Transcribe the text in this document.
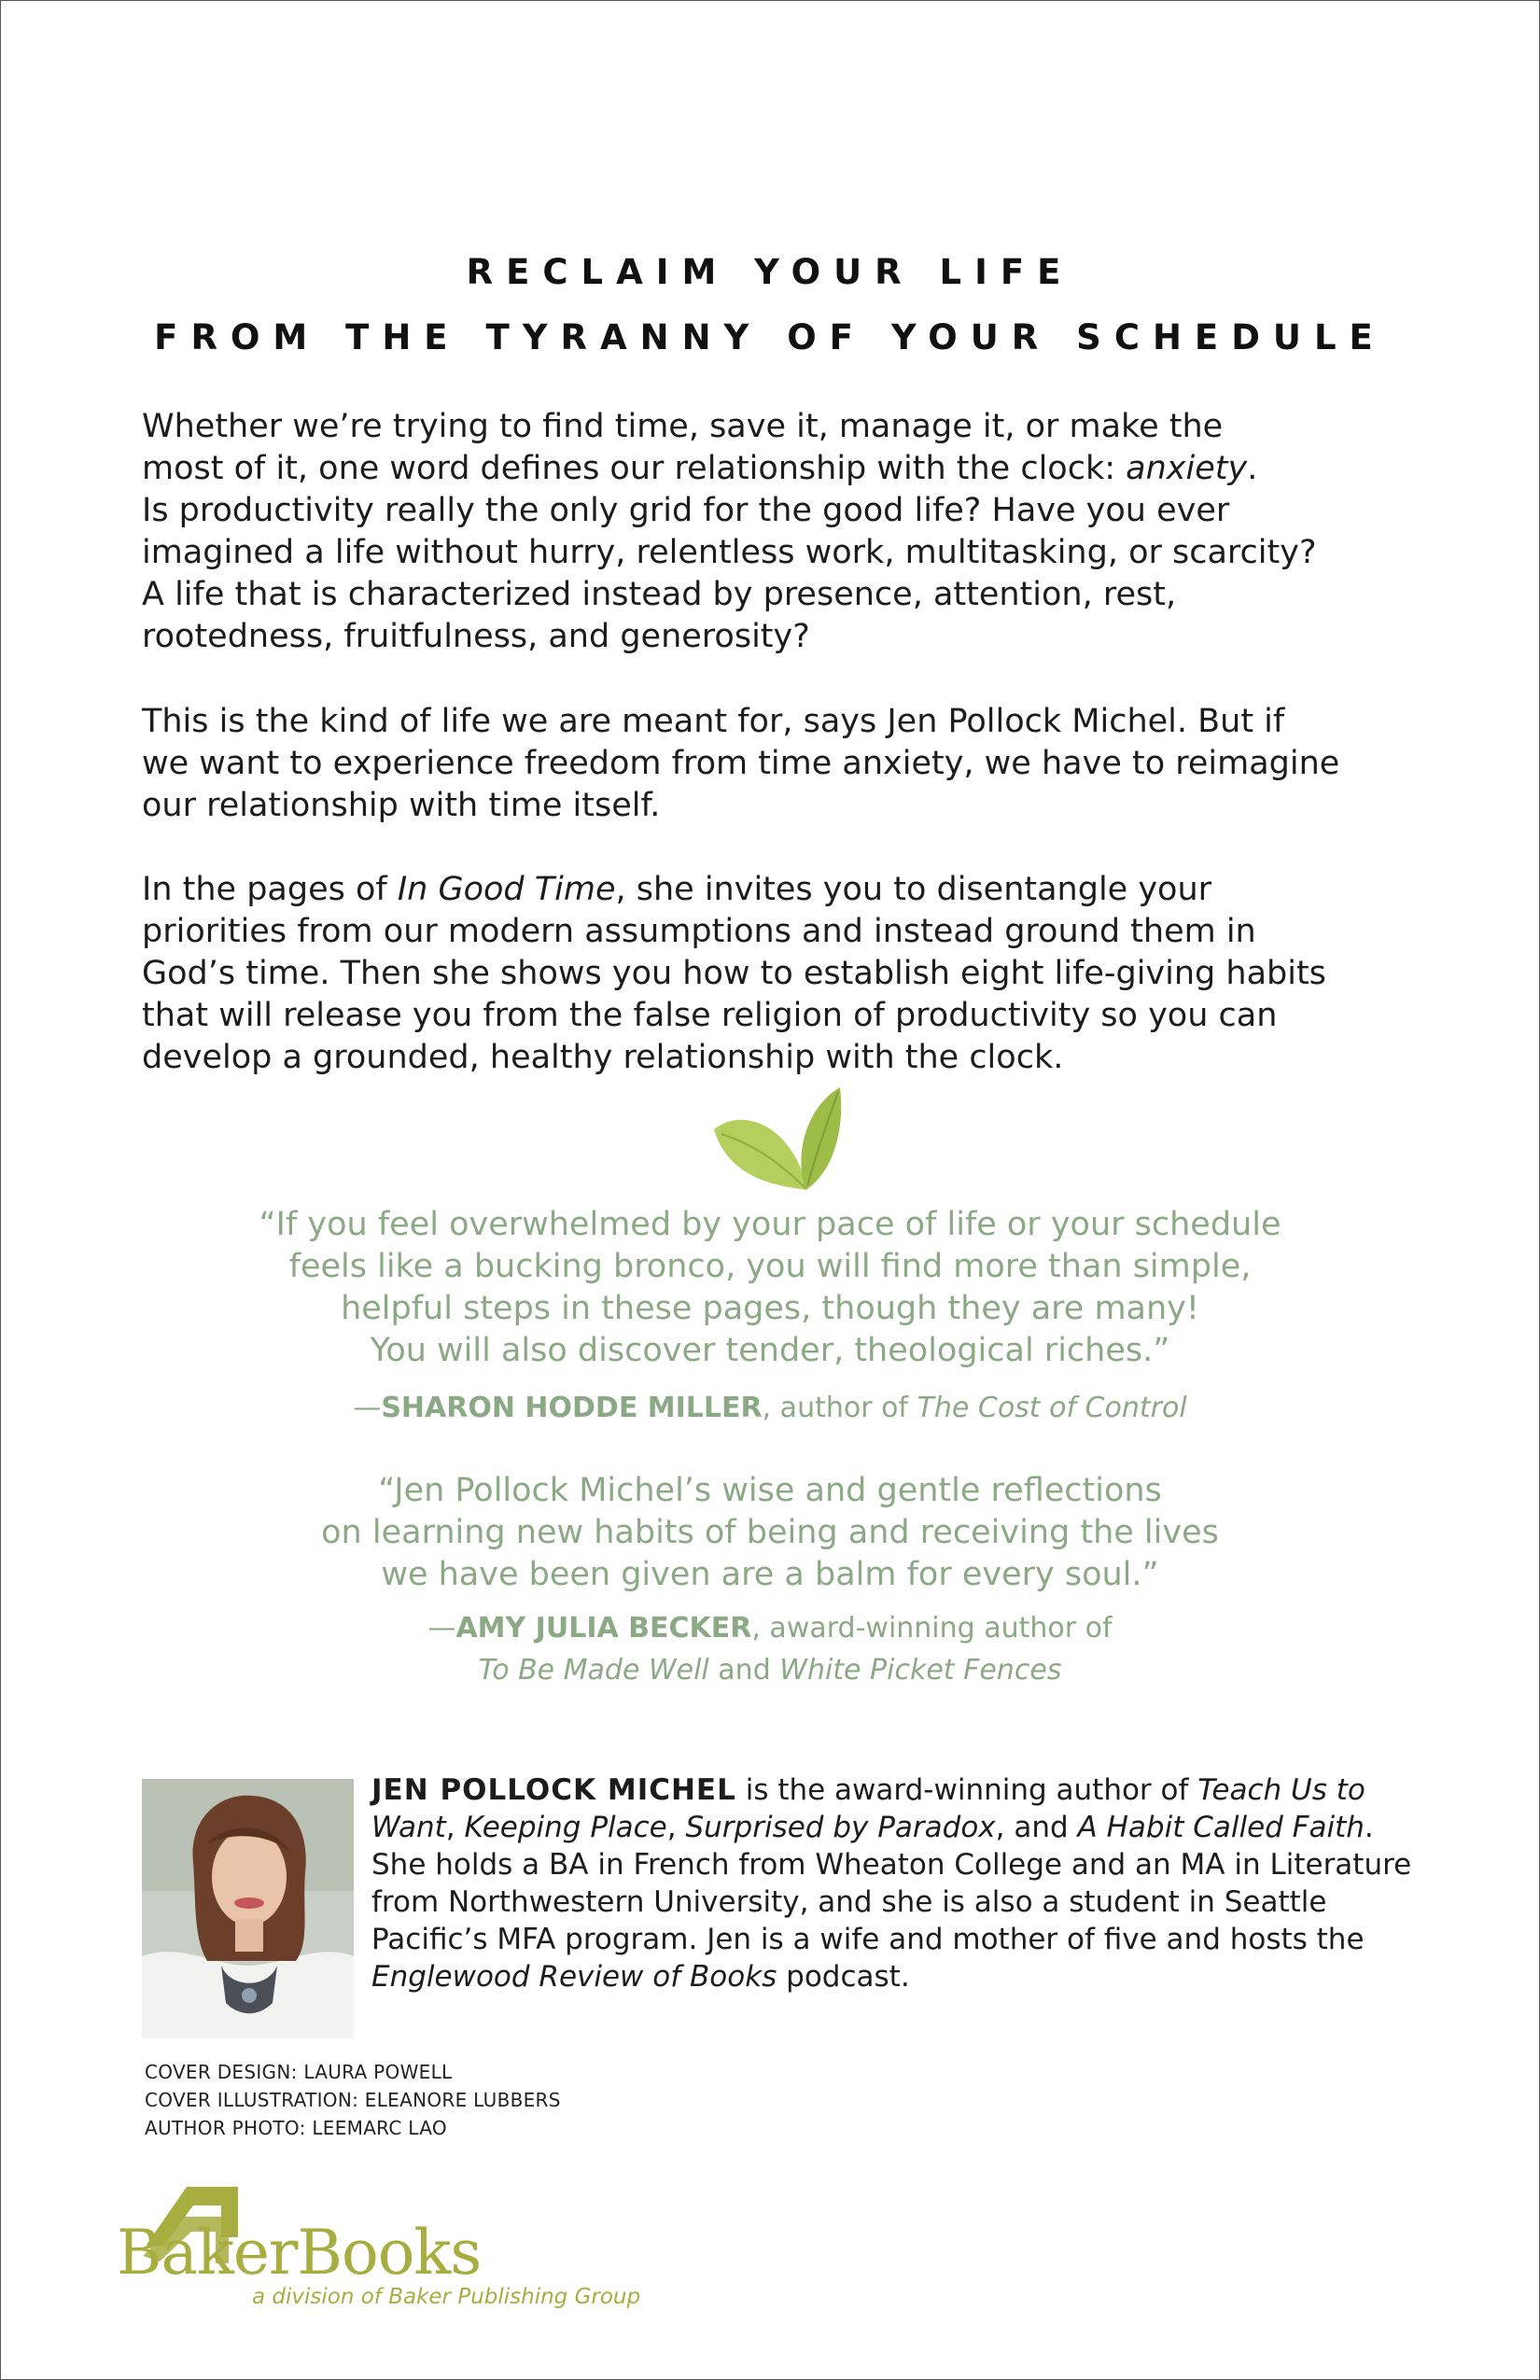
RECLAIM YOUR LIFE
FROM THE TYRANNY OF YOUR SCHEDULE
Whether we’re trying to find time, save it, manage it, or make the
most of it, one word defines our relationship with the clock: anxiety.
Is productivity really the only grid for the good life? Have you ever
imagined a life without hurry, relentless work, multitasking, or scarcity?
A life that is characterized instead by presence, attention, rest,
rootedness, fruitfulness, and generosity?
This is the kind of life we are meant for, says Jen Pollock Michel. But if
we want to experience freedom from time anxiety, we have to reimagine
our relationship with time itself.
In the pages of In Good Time, she invites you to disentangle your
priorities from our modern assumptions and instead ground them in
God’s time. Then she shows you how to establish eight life-giving habits
that will release you from the false religion of productivity so you can
develop a grounded, healthy relationship with the clock.
“If you feel overwhelmed by your pace of life or your schedule
feels like a bucking bronco, you will find more than simple,
helpful steps in these pages, though they are many!
You will also discover tender, theological riches.”
—SHARON HODDE MILLER, author of The Cost of Control
“Jen Pollock Michel’s wise and gentle reflections
on learning new habits of being and receiving the lives
we have been given are a balm for every soul.”
—AMY JULIA BECKER, award-winning author of
To Be Made Well and White Picket Fences
JEN POLLOCK MICHEL is the award-winning author of Teach Us to Want, Keeping Place, Surprised by Paradox, and A Habit Called Faith. She holds a BA in French from Wheaton College and an MA in Literature from Northwestern University, and she is also a student in Seattle Pacific’s MFA program. Jen is a wife and mother of five and hosts the Englewood Review of Books podcast.
COVER DESIGN: LAURA POWELL
COVER ILLUSTRATION: ELEANORE LUBBERS
AUTHOR PHOTO: LEEMARC LAO
BakerBooks
a division of Baker Publishing Group
